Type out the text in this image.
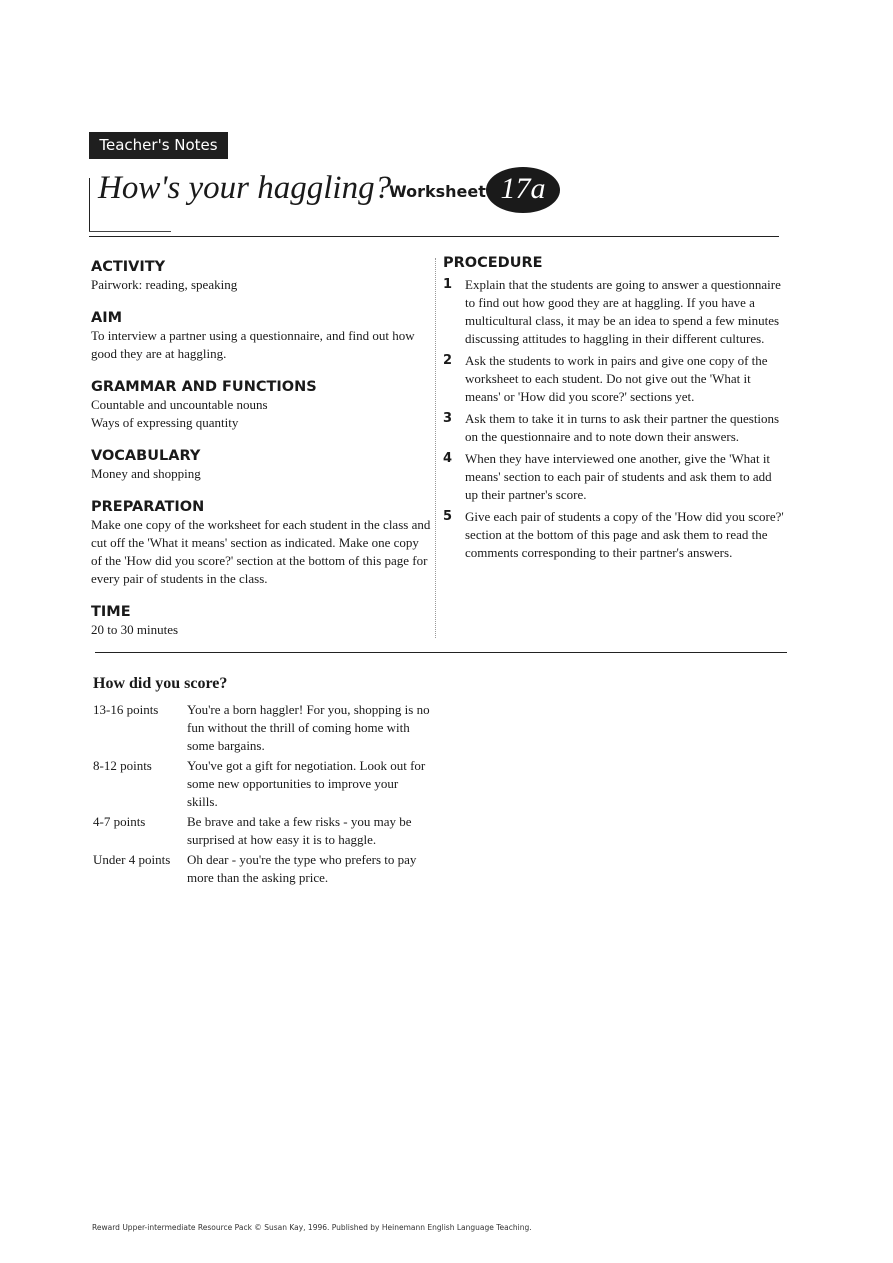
Teacher's Notes
How's your haggling?
Worksheet 17a

ACTIVITY

Pairwork: reading, speaking

AIM

To interview a partner using a questionnaire, and find out how good they are at haggling.

GRAMMAR AND FUNCTIONS

Countable and uncountable nouns
Ways of expressing quantity

VOCABULARY

Money and shopping

PREPARATION

Make one copy of the worksheet for each student in the class and cut off the 'What it means' section as indicated. Make one copy of the 'How did you score?' section at the bottom of this page for every pair of students in the class.

TIME

20 to 30 minutes

PROCEDURE

1 Explain that the students are going to answer a questionnaire to find out how good they are at haggling. If you have a multicultural class, it may be an idea to spend a few minutes discussing attitudes to haggling in their different cultures.
2 Ask the students to work in pairs and give one copy of the worksheet to each student. Do not give out the 'What it means' or 'How did you score?' sections yet.
3 Ask them to take it in turns to ask their partner the questions on the questionnaire and to note down their answers.
4 When they have interviewed one another, give the 'What it means' section to each pair of students and ask them to add up their partner's score.
5 Give each pair of students a copy of the 'How did you score?' section at the bottom of this page and ask them to read the comments corresponding to their partner's answers.
How did you score?
13-16 points	You're a born haggler! For you, shopping is no fun without the thrill of coming home with some bargains.
8-12 points	You've got a gift for negotiation. Look out for some new opportunities to improve your skills.
4-7 points	Be brave and take a few risks - you may be surprised at how easy it is to haggle.
Under 4 points	Oh dear - you're the type who prefers to pay more than the asking price.
Reward Upper-intermediate Resource Pack © Susan Kay, 1996. Published by Heinemann English Language Teaching.
